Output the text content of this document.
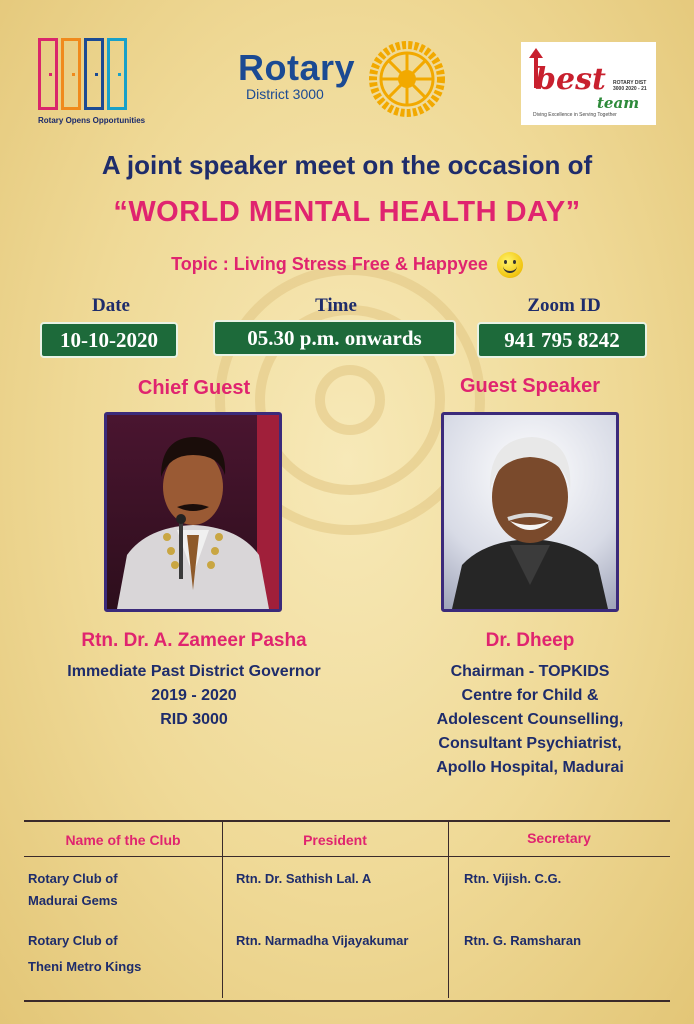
Rotary Opens Opportunities
Rotary
District 3000	best
team
ROTARY DIST 3000 2020 - 21
Diving Excellence in Serving Together
A joint speaker meet on the occasion of
“WORLD MENTAL HEALTH DAY”
Topic : Living Stress Free & Happyee
Date	Time	Zoom ID
10-10-2020	05.30 p.m. onwards	941 795 8242
Chief Guest	Guest Speaker
Rtn. Dr. A. Zameer Pasha	Dr. Dheep
Immediate Past District Governor
2019 - 2020
RID 3000
Chairman - TOPKIDS
Centre for Child &
Adolescent Counselling,
Consultant Psychiatrist,
Apollo Hospital, Madurai
Name of the Club	President	Secretary
Rotary Club of
Madurai Gems
Rtn. Dr. Sathish Lal. A	Rtn. Vijish. C.G.
Rotary Club of
Theni Metro Kings
Rtn. Narmadha Vijayakumar	Rtn. G. Ramsharan
